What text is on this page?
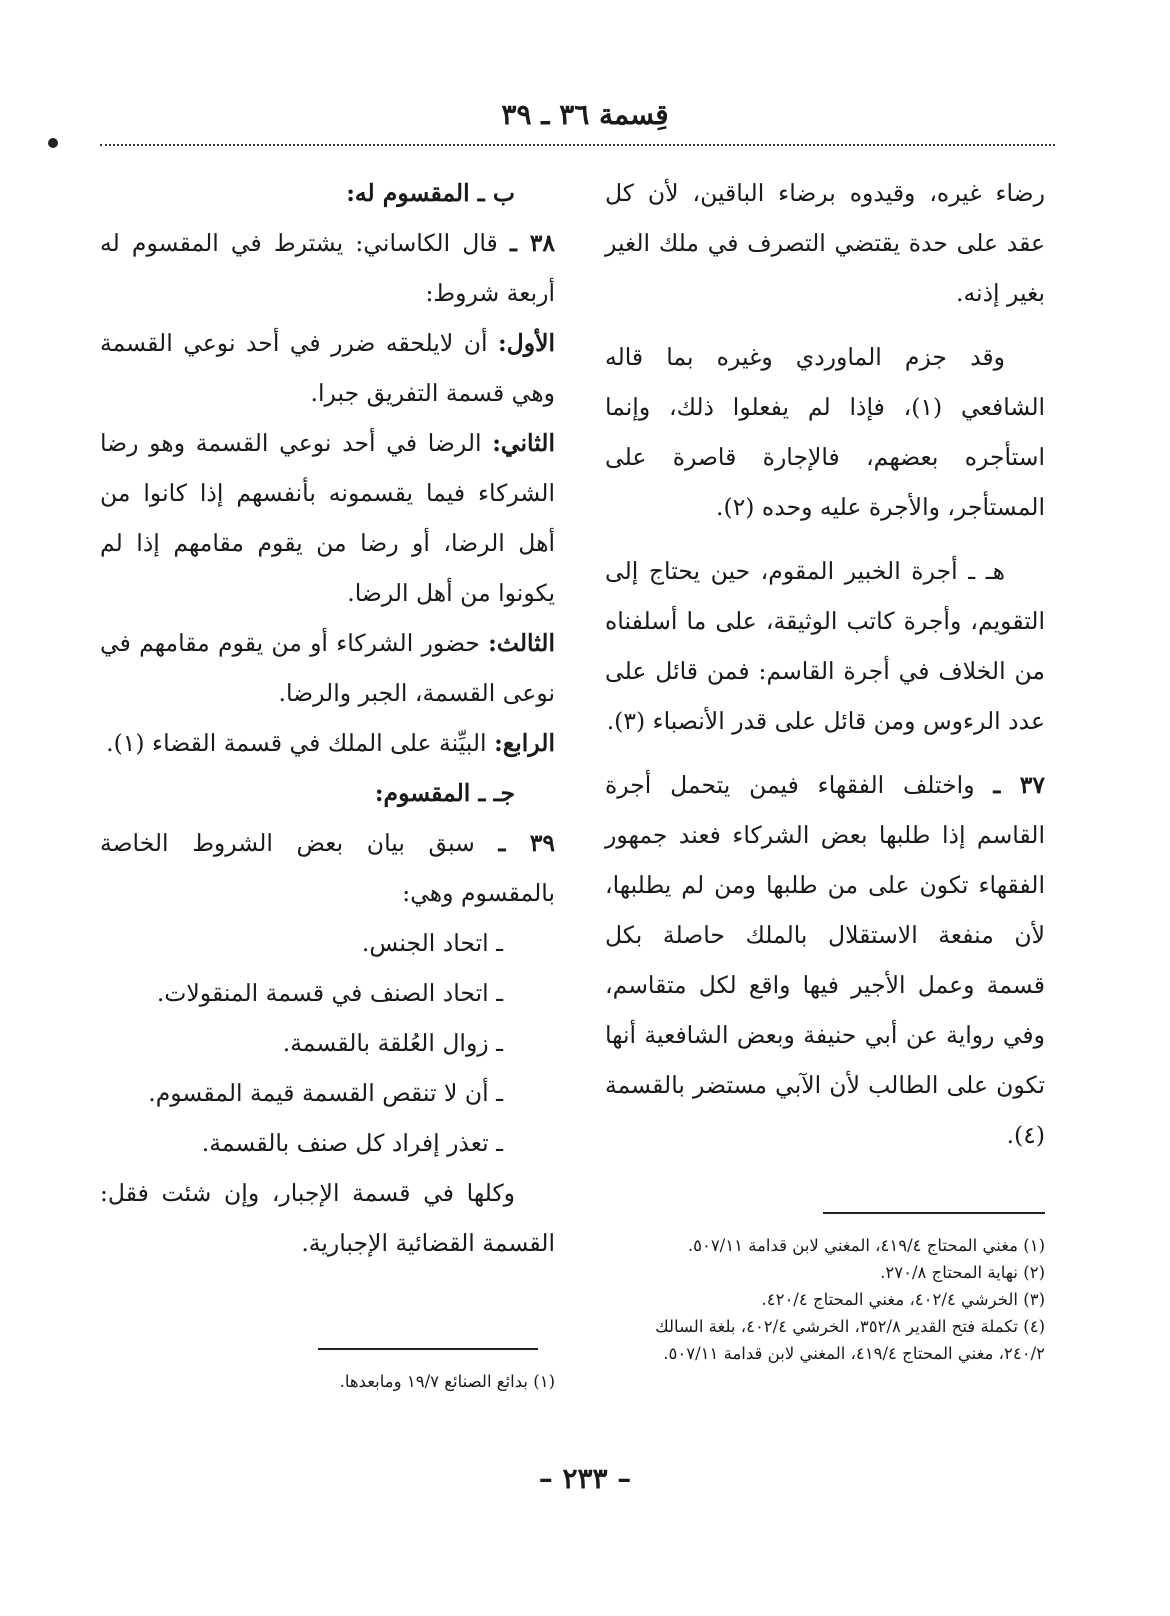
قِسمة ٣٦ ـ ٣٩

رضاء غيره، وقيدوه برضاء الباقين، لأن كل عقد على حدة يقتضي التصرف في ملك الغير بغير إذنه.

وقد جزم الماوردي وغيره بما قاله الشافعي (١)، فإذا لم يفعلوا ذلك، وإنما استأجره بعضهم، فالإجارة قاصرة على المستأجر، والأجرة عليه وحده (٢).

هـ ـ أجرة الخبير المقوم، حين يحتاج إلى التقويم، وأجرة كاتب الوثيقة، على ما أسلفناه من الخلاف في أجرة القاسم: فمن قائل على عدد الرءوس ومن قائل على قدر الأنصباء (٣).

٣٧ ـ واختلف الفقهاء فيمن يتحمل أجرة القاسم إذا طلبها بعض الشركاء فعند جمهور الفقهاء تكون على من طلبها ومن لم يطلبها، لأن منفعة الاستقلال بالملك حاصلة بكل قسمة وعمل الأجير فيها واقع لكل متقاسم، وفي رواية عن أبي حنيفة وبعض الشافعية أنها تكون على الطالب لأن الآبي مستضر بالقسمة (٤).

(١) مغني المحتاج ٤١٩/٤، المغني لابن قدامة ٥٠٧/١١.

(٢) نهاية المحتاج ٢٧٠/٨.

(٣) الخرشي ٤٠٢/٤، مغني المحتاج ٤٢٠/٤.

(٤) تكملة فتح القدير ٣٥٢/٨، الخرشي ٤٠٢/٤، بلغة السالك ٢٤٠/٢، مغني المحتاج ٤١٩/٤، المغني لابن قدامة ٥٠٧/١١.

ب ـ المقسوم له:

٣٨ ـ قال الكاساني: يشترط في المقسوم له أربعة شروط:

الأول: أن لايلحقه ضرر في أحد نوعي القسمة وهي قسمة التفريق جبرا.

الثاني: الرضا في أحد نوعي القسمة وهو رضا الشركاء فيما يقسمونه بأنفسهم إذا كانوا من أهل الرضا، أو رضا من يقوم مقامهم إذا لم يكونوا من أهل الرضا.

الثالث: حضور الشركاء أو من يقوم مقامهم في نوعى القسمة، الجبر والرضا.

الرابع: البيِّنة على الملك في قسمة القضاء (١).

جـ ـ المقسوم:

٣٩ ـ سبق بيان بعض الشروط الخاصة بالمقسوم وهي:

ـ اتحاد الجنس.

ـ اتحاد الصنف في قسمة المنقولات.

ـ زوال العُلقة بالقسمة.

ـ أن لا تنقص القسمة قيمة المقسوم.

ـ تعذر إفراد كل صنف بالقسمة.

وكلها في قسمة الإجبار، وإن شئت فقل: القسمة القضائية الإجبارية.

(١) بدائع الصنائع ١٩/٧ ومابعدها.

– ٢٣٣ –
